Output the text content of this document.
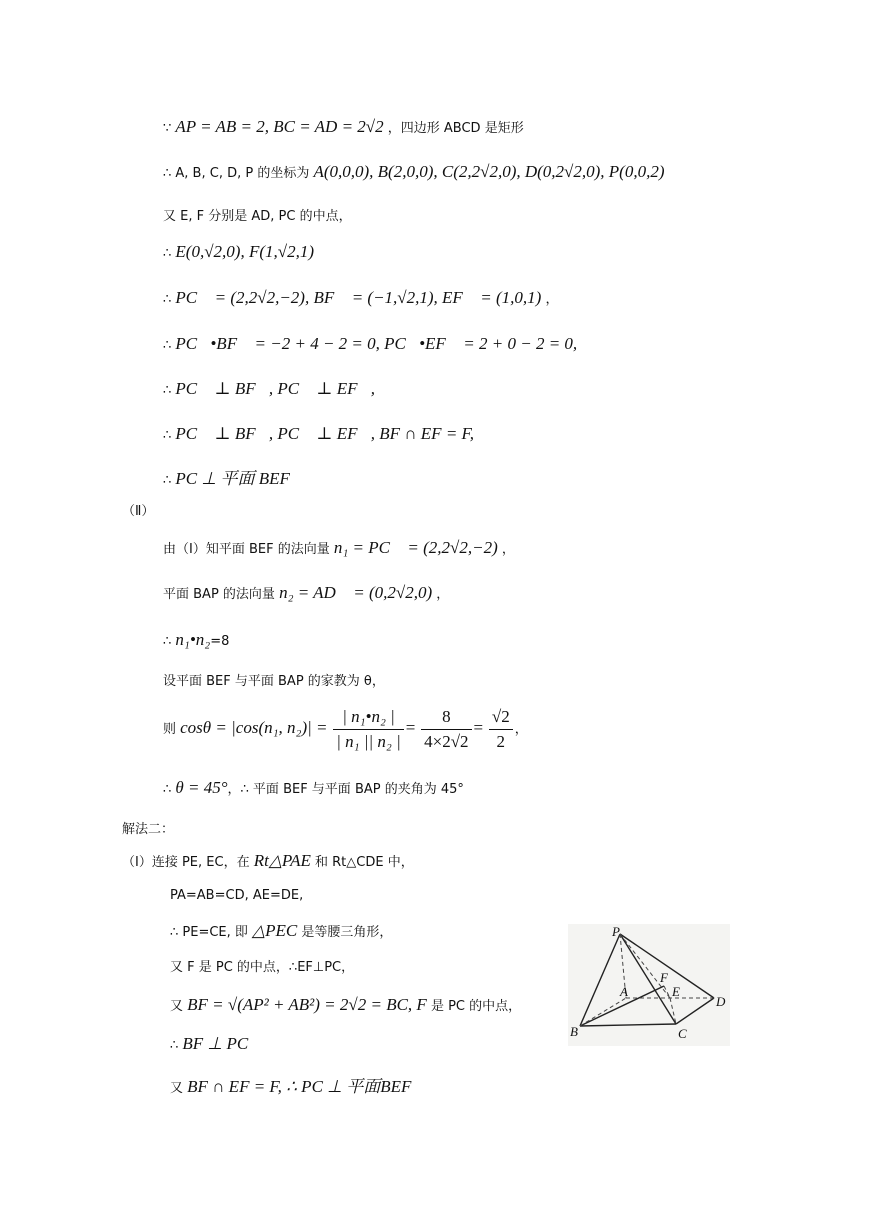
∵ AP = AB = 2, BC = AD = 2√2 ，四边形 ABCD 是矩形
∴ A, B, C, D, P 的坐标为 A(0,0,0), B(2,0,0), C(2,2√2,0), D(0,2√2,0), P(0,0,2)
又 E, F 分别是 AD, PC 的中点，
∴ E(0,√2,0), F(1,√2,1)
∴ PC⃗ = (2,2√2,−2), BF⃗ = (−1,√2,1), EF⃗ = (1,0,1) ，
∴ PC⃗•BF⃗ = −2 + 4 − 2 = 0, PC⃗•EF⃗ = 2 + 0 − 2 = 0,
∴ PC⃗ ⊥ BF⃗, PC⃗ ⊥ EF⃗,
∴ PC⃗ ⊥ BF⃗, PC⃗ ⊥ EF⃗, BF ∩ EF = F,
∴ PC ⊥ 平面 BEF
（Ⅱ）
由（Ⅰ）知平面 BEF 的法向量 n₁ = PC⃗ = (2,2√2,−2) ，
平面 BAP 的法向量 n₂ = AD⃗ = (0,2√2,0) ，
∴ n₁•n₂=8
设平面 BEF 与平面 BAP 的家教为 θ，
则 cosθ = |cos(n₁, $n_2)| = \frac{\text{| n₁•n₂ |}}{\text{| n₁ || n₂ |}} = \frac{8}{4\times 2√2} = \frac{√2}{2}$ ，
∴ θ = 45°，∴ 平面 BEF 与平面 BAP 的夹角为 45°
解法二：
（Ⅰ）连接 PE, EC，在 Rt△PAE 和 Rt△CDE 中，
PA=AB=CD, AE=DE,
∴ PE=CE, 即 △PEC 是等腰三角形，
又 F 是 PC 的中点，∴EF⊥PC，
又 BF = √(AP² + AB²) = 2√2 = BC, F 是 PC 的中点，
∴ BF ⊥ PC
又 BF ∩ EF = F, ∴ PC ⊥ 平面BEF
P
A
F
E
D
B	C
